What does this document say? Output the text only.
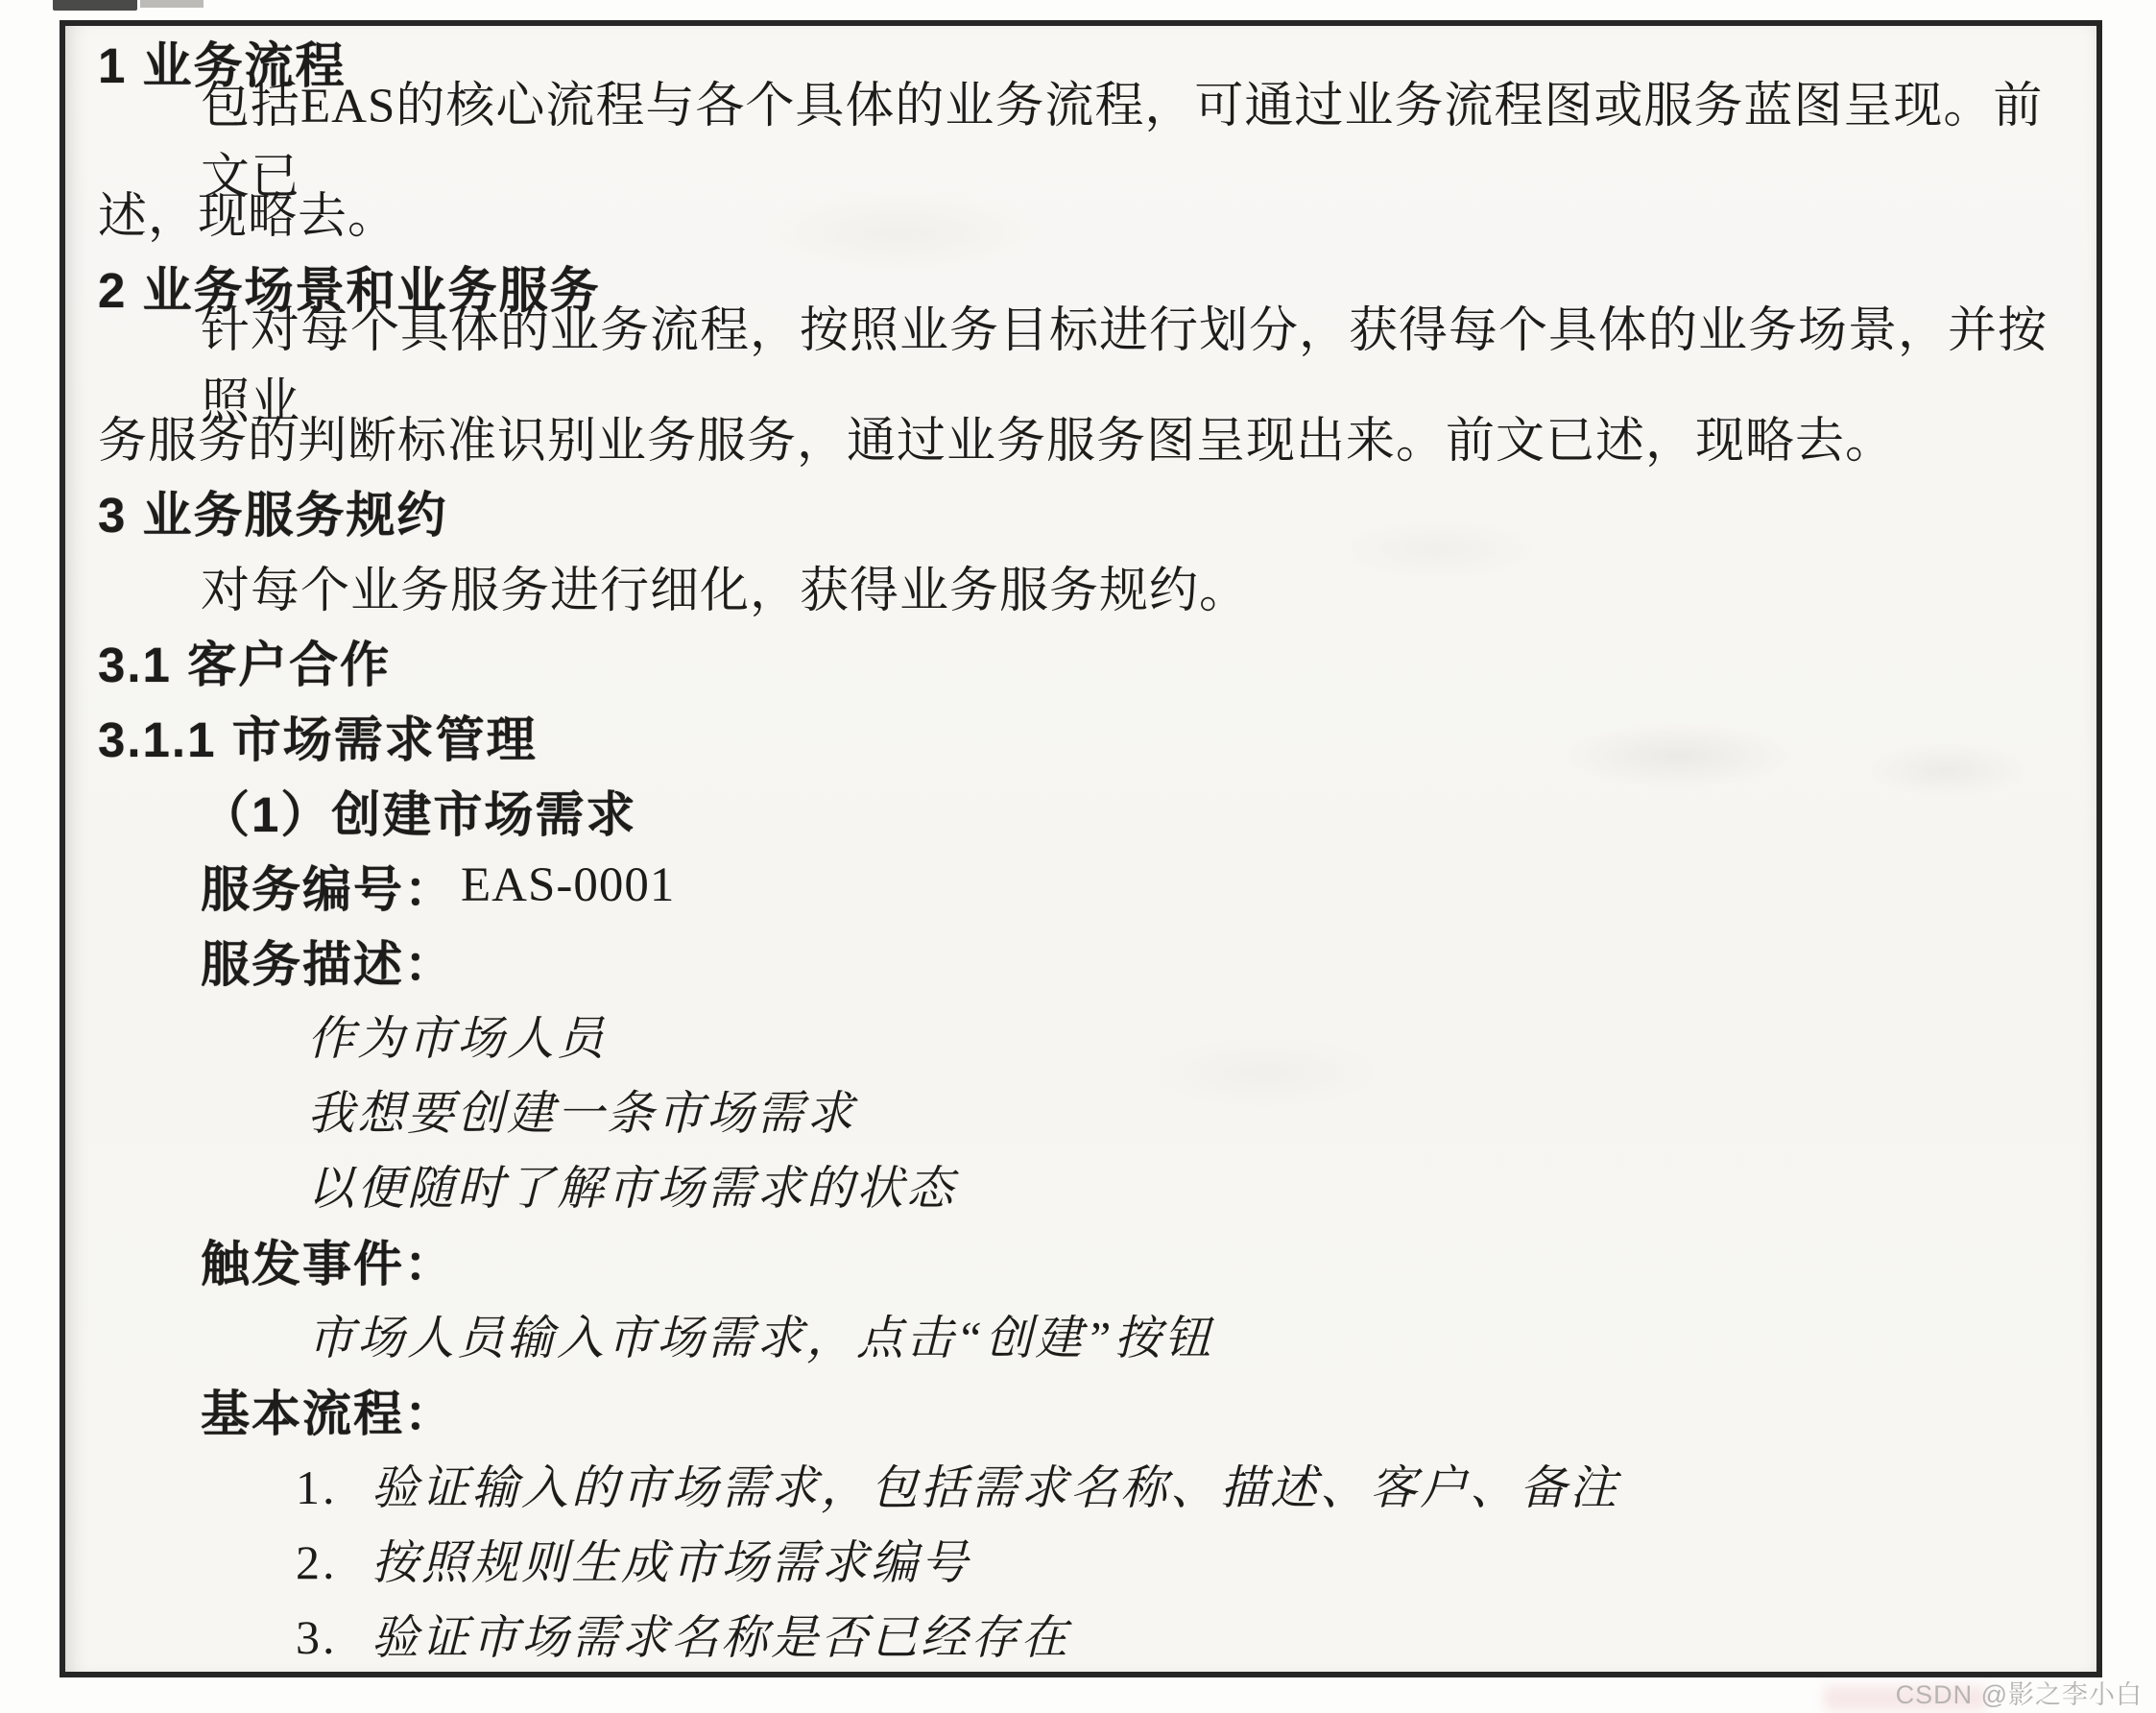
1 业务流程
包括EAS的核心流程与各个具体的业务流程，可通过业务流程图或服务蓝图呈现。前文已
述，现略去。
2 业务场景和业务服务
针对每个具体的业务流程，按照业务目标进行划分，获得每个具体的业务场景，并按照业
务服务的判断标准识别业务服务，通过业务服务图呈现出来。前文已述，现略去。
3 业务服务规约
对每个业务服务进行细化，获得业务服务规约。
3.1 客户合作
3.1.1 市场需求管理
（1）创建市场需求
服务编号： EAS-0001
服务描述：
作为市场人员
我想要创建一条市场需求
以便随时了解市场需求的状态
触发事件：
市场人员输入市场需求，点击“创建”按钮
基本流程：
1. 验证输入的市场需求，包括需求名称、描述、客户、备注
2. 按照规则生成市场需求编号
3. 验证市场需求名称是否已经存在
CSDN @影之李小白
